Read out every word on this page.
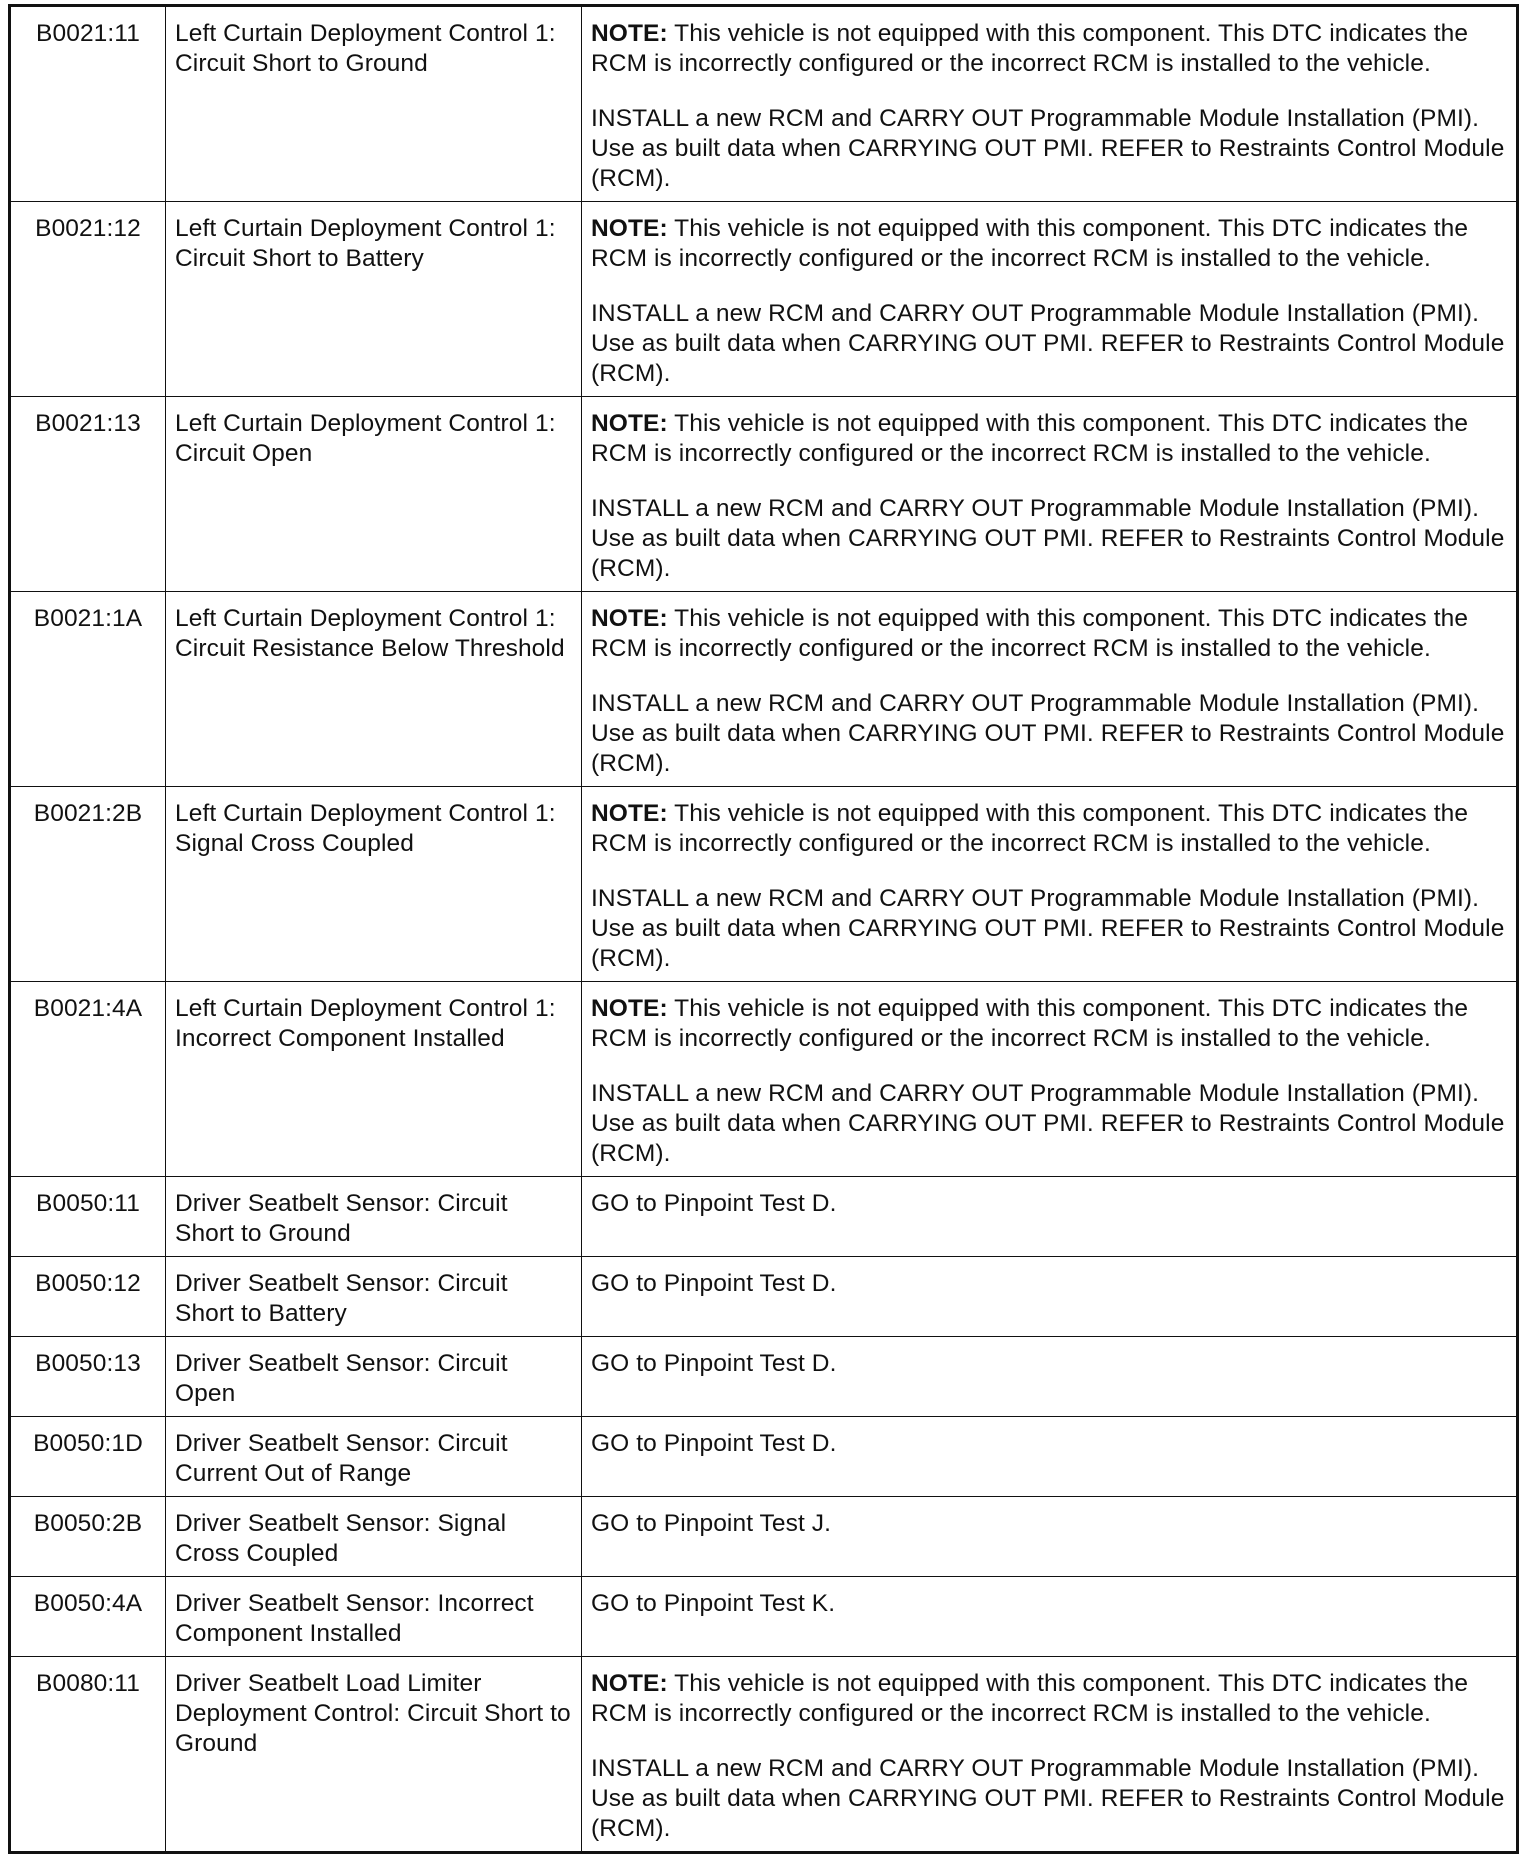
B0021:11	Left Curtain Deployment Control 1: Circuit Short to Ground	NOTE: This vehicle is not equipped with this component. This DTC indicates the RCM is incorrectly configured or the incorrect RCM is installed to the vehicle.
INSTALL a new RCM and CARRY OUT Programmable Module Installation (PMI). Use as built data when CARRYING OUT PMI. REFER to Restraints Control Module (RCM).

B0021:12	Left Curtain Deployment Control 1: Circuit Short to Battery	NOTE: This vehicle is not equipped with this component. This DTC indicates the RCM is incorrectly configured or the incorrect RCM is installed to the vehicle.
INSTALL a new RCM and CARRY OUT Programmable Module Installation (PMI). Use as built data when CARRYING OUT PMI. REFER to Restraints Control Module (RCM).

B0021:13	Left Curtain Deployment Control 1: Circuit Open	NOTE: This vehicle is not equipped with this component. This DTC indicates the RCM is incorrectly configured or the incorrect RCM is installed to the vehicle.
INSTALL a new RCM and CARRY OUT Programmable Module Installation (PMI). Use as built data when CARRYING OUT PMI. REFER to Restraints Control Module (RCM).

B0021:1A	Left Curtain Deployment Control 1: Circuit Resistance Below Threshold	NOTE: This vehicle is not equipped with this component. This DTC indicates the RCM is incorrectly configured or the incorrect RCM is installed to the vehicle.
INSTALL a new RCM and CARRY OUT Programmable Module Installation (PMI). Use as built data when CARRYING OUT PMI. REFER to Restraints Control Module (RCM).

B0021:2B	Left Curtain Deployment Control 1: Signal Cross Coupled	NOTE: This vehicle is not equipped with this component. This DTC indicates the RCM is incorrectly configured or the incorrect RCM is installed to the vehicle.
INSTALL a new RCM and CARRY OUT Programmable Module Installation (PMI). Use as built data when CARRYING OUT PMI. REFER to Restraints Control Module (RCM).

B0021:4A	Left Curtain Deployment Control 1: Incorrect Component Installed	NOTE: This vehicle is not equipped with this component. This DTC indicates the RCM is incorrectly configured or the incorrect RCM is installed to the vehicle.
INSTALL a new RCM and CARRY OUT Programmable Module Installation (PMI). Use as built data when CARRYING OUT PMI. REFER to Restraints Control Module (RCM).

B0050:11	Driver Seatbelt Sensor: Circuit Short to Ground	GO to Pinpoint Test D.

B0050:12	Driver Seatbelt Sensor: Circuit Short to Battery	GO to Pinpoint Test D.

B0050:13	Driver Seatbelt Sensor: Circuit Open	GO to Pinpoint Test D.

B0050:1D	Driver Seatbelt Sensor: Circuit Current Out of Range	GO to Pinpoint Test D.

B0050:2B	Driver Seatbelt Sensor: Signal Cross Coupled	GO to Pinpoint Test J.

B0050:4A	Driver Seatbelt Sensor: Incorrect Component Installed	GO to Pinpoint Test K.

B0080:11	Driver Seatbelt Load Limiter Deployment Control: Circuit Short to Ground	NOTE: This vehicle is not equipped with this component. This DTC indicates the RCM is incorrectly configured or the incorrect RCM is installed to the vehicle.
INSTALL a new RCM and CARRY OUT Programmable Module Installation (PMI). Use as built data when CARRYING OUT PMI. REFER to Restraints Control Module (RCM).
